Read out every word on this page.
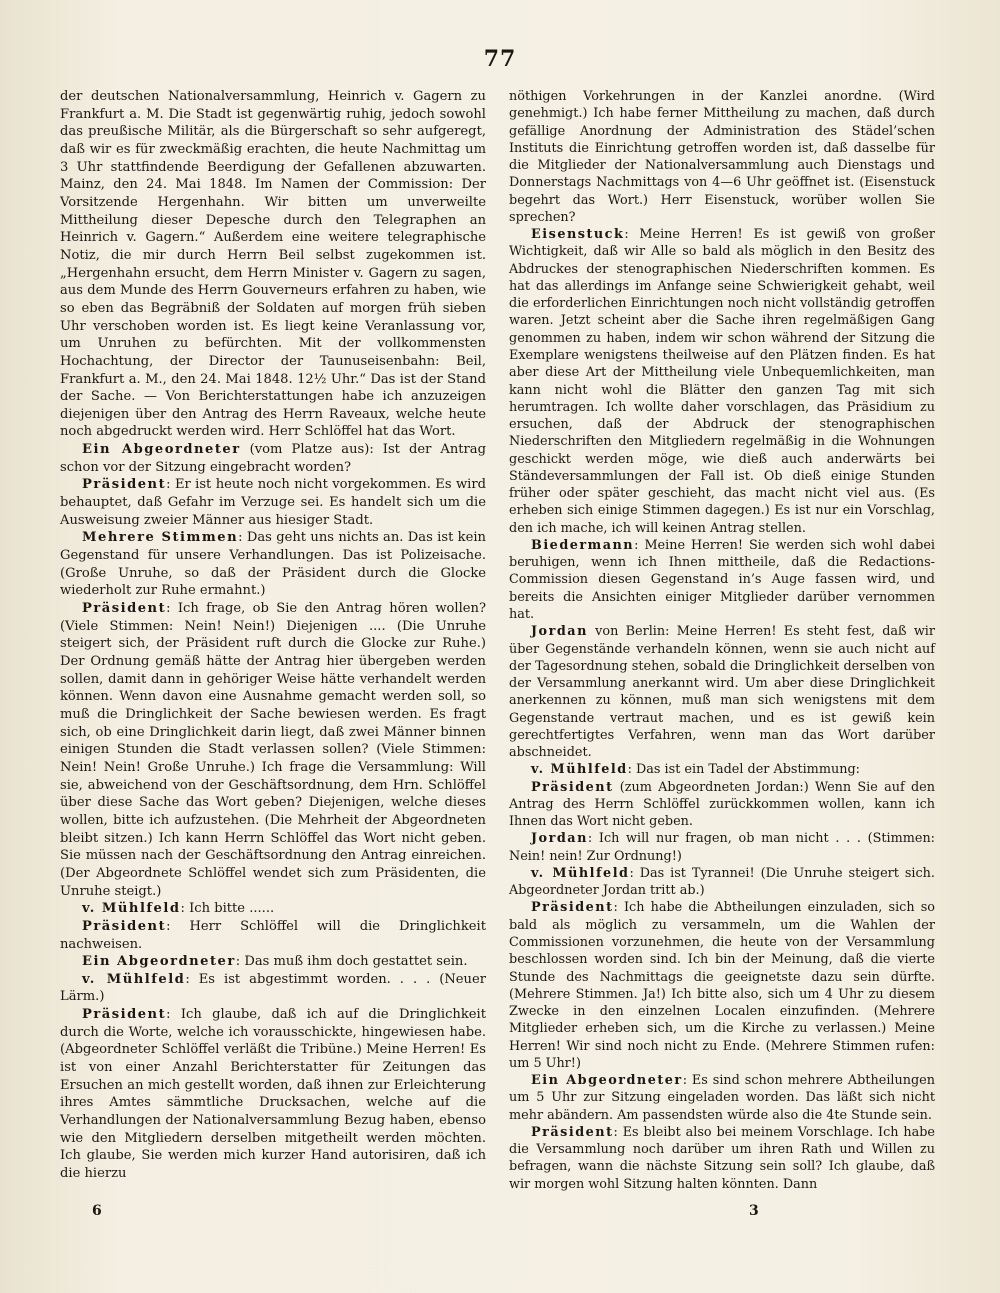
77

der deutschen Nationalversammlung, Heinrich v. Gagern zu Frankfurt a. M. Die Stadt ist gegenwärtig ruhig, jedoch sowohl das preußische Militär, als die Bürgerschaft so sehr aufgeregt, daß wir es für zweckmäßig erachten, die heute Nachmittag um 3 Uhr stattfindende Beerdigung der Gefallenen abzuwarten. Mainz, den 24. Mai 1848. Im Namen der Commission: Der Vorsitzende Hergenhahn. Wir bitten um unverweilte Mittheilung dieser Depesche durch den Telegraphen an Heinrich v. Gagern.“ Außerdem eine weitere telegraphische Notiz, die mir durch Herrn Beil selbst zugekommen ist. „Hergenhahn ersucht, dem Herrn Minister v. Gagern zu sagen, aus dem Munde des Herrn Gouverneurs erfahren zu haben, wie so eben das Begräbniß der Soldaten auf morgen früh sieben Uhr verschoben worden ist. Es liegt keine Veranlassung vor, um Unruhen zu befürchten. Mit der vollkommensten Hochachtung, der Director der Taunuseisenbahn: Beil, Frankfurt a. M., den 24. Mai 1848. 12½ Uhr.“ Das ist der Stand der Sache. — Von Berichterstattungen habe ich anzuzeigen diejenigen über den Antrag des Herrn Raveaux, welche heute noch abgedruckt werden wird. Herr Schlöffel hat das Wort.

Ein Abgeordneter (vom Platze aus): Ist der Antrag schon vor der Sitzung eingebracht worden?

Präsident: Er ist heute noch nicht vorgekommen. Es wird behauptet, daß Gefahr im Verzuge sei. Es handelt sich um die Ausweisung zweier Männer aus hiesiger Stadt.

Mehrere Stimmen: Das geht uns nichts an. Das ist kein Gegenstand für unsere Verhandlungen. Das ist Polizeisache. (Große Unruhe, so daß der Präsident durch die Glocke wiederholt zur Ruhe ermahnt.)

Präsident: Ich frage, ob Sie den Antrag hören wollen? (Viele Stimmen: Nein! Nein!) Diejenigen .... (Die Unruhe steigert sich, der Präsident ruft durch die Glocke zur Ruhe.) Der Ordnung gemäß hätte der Antrag hier übergeben werden sollen, damit dann in gehöriger Weise hätte verhandelt werden können. Wenn davon eine Ausnahme gemacht werden soll, so muß die Dringlichkeit der Sache bewiesen werden. Es fragt sich, ob eine Dringlichkeit darin liegt, daß zwei Männer binnen einigen Stunden die Stadt verlassen sollen? (Viele Stimmen: Nein! Nein! Große Unruhe.) Ich frage die Versammlung: Will sie, abweichend von der Geschäftsordnung, dem Hrn. Schlöffel über diese Sache das Wort geben? Diejenigen, welche dieses wollen, bitte ich aufzustehen. (Die Mehrheit der Abgeordneten bleibt sitzen.) Ich kann Herrn Schlöffel das Wort nicht geben. Sie müssen nach der Geschäftsordnung den Antrag einreichen. (Der Abgeordnete Schlöffel wendet sich zum Präsidenten, die Unruhe steigt.)

v. Mühlfeld: Ich bitte ......

Präsident: Herr Schlöffel will die Dringlichkeit nachweisen.

Ein Abgeordneter: Das muß ihm doch gestattet sein.

v. Mühlfeld: Es ist abgestimmt worden. . . . (Neuer Lärm.)

Präsident: Ich glaube, daß ich auf die Dringlichkeit durch die Worte, welche ich vorausschickte, hingewiesen habe. (Abgeordneter Schlöffel verläßt die Tribüne.) Meine Herren! Es ist von einer Anzahl Berichterstatter für Zeitungen das Ersuchen an mich gestellt worden, daß ihnen zur Erleichterung ihres Amtes sämmtliche Drucksachen, welche auf die Verhandlungen der Nationalversammlung Bezug haben, ebenso wie den Mitgliedern derselben mitgetheilt werden möchten. Ich glaube, Sie werden mich kurzer Hand autorisiren, daß ich die hierzu

nöthigen Vorkehrungen in der Kanzlei anordne. (Wird genehmigt.) Ich habe ferner Mittheilung zu machen, daß durch gefällige Anordnung der Administration des Städel’schen Instituts die Einrichtung getroffen worden ist, daß dasselbe für die Mitglieder der Nationalversammlung auch Dienstags und Donnerstags Nachmittags von 4—6 Uhr geöffnet ist. (Eisenstuck begehrt das Wort.) Herr Eisenstuck, worüber wollen Sie sprechen?

Eisenstuck: Meine Herren! Es ist gewiß von großer Wichtigkeit, daß wir Alle so bald als möglich in den Besitz des Abdruckes der stenographischen Niederschriften kommen. Es hat das allerdings im Anfange seine Schwierigkeit gehabt, weil die erforderlichen Einrichtungen noch nicht vollständig getroffen waren. Jetzt scheint aber die Sache ihren regelmäßigen Gang genommen zu haben, indem wir schon während der Sitzung die Exemplare wenigstens theilweise auf den Plätzen finden. Es hat aber diese Art der Mittheilung viele Unbequemlichkeiten, man kann nicht wohl die Blätter den ganzen Tag mit sich herumtragen. Ich wollte daher vorschlagen, das Präsidium zu ersuchen, daß der Abdruck der stenographischen Niederschriften den Mitgliedern regelmäßig in die Wohnungen geschickt werden möge, wie dieß auch anderwärts bei Ständeversammlungen der Fall ist. Ob dieß einige Stunden früher oder später geschieht, das macht nicht viel aus. (Es erheben sich einige Stimmen dagegen.) Es ist nur ein Vorschlag, den ich mache, ich will keinen Antrag stellen.

Biedermann: Meine Herren! Sie werden sich wohl dabei beruhigen, wenn ich Ihnen mittheile, daß die Redactions-Commission diesen Gegenstand in’s Auge fassen wird, und bereits die Ansichten einiger Mitglieder darüber vernommen hat.

Jordan von Berlin: Meine Herren! Es steht fest, daß wir über Gegenstände verhandeln können, wenn sie auch nicht auf der Tagesordnung stehen, sobald die Dringlichkeit derselben von der Versammlung anerkannt wird. Um aber diese Dringlichkeit anerkennen zu können, muß man sich wenigstens mit dem Gegenstande vertraut machen, und es ist gewiß kein gerechtfertigtes Verfahren, wenn man das Wort darüber abschneidet.

v. Mühlfeld: Das ist ein Tadel der Abstimmung:

Präsident (zum Abgeordneten Jordan:) Wenn Sie auf den Antrag des Herrn Schlöffel zurückkommen wollen, kann ich Ihnen das Wort nicht geben.

Jordan: Ich will nur fragen, ob man nicht . . . (Stimmen: Nein! nein! Zur Ordnung!)

v. Mühlfeld: Das ist Tyrannei! (Die Unruhe steigert sich. Abgeordneter Jordan tritt ab.)

Präsident: Ich habe die Abtheilungen einzuladen, sich so bald als möglich zu versammeln, um die Wahlen der Commissionen vorzunehmen, die heute von der Versammlung beschlossen worden sind. Ich bin der Meinung, daß die vierte Stunde des Nachmittags die geeignetste dazu sein dürfte. (Mehrere Stimmen. Ja!) Ich bitte also, sich um 4 Uhr zu diesem Zwecke in den einzelnen Localen einzufinden. (Mehrere Mitglieder erheben sich, um die Kirche zu verlassen.) Meine Herren! Wir sind noch nicht zu Ende. (Mehrere Stimmen rufen: um 5 Uhr!)

Ein Abgeordneter: Es sind schon mehrere Abtheilungen um 5 Uhr zur Sitzung eingeladen worden. Das läßt sich nicht mehr abändern. Am passendsten würde also die 4te Stunde sein.

Präsident: Es bleibt also bei meinem Vorschlage. Ich habe die Versammlung noch darüber um ihren Rath und Willen zu befragen, wann die nächste Sitzung sein soll? Ich glaube, daß wir morgen wohl Sitzung halten könnten. Dann

6	3
